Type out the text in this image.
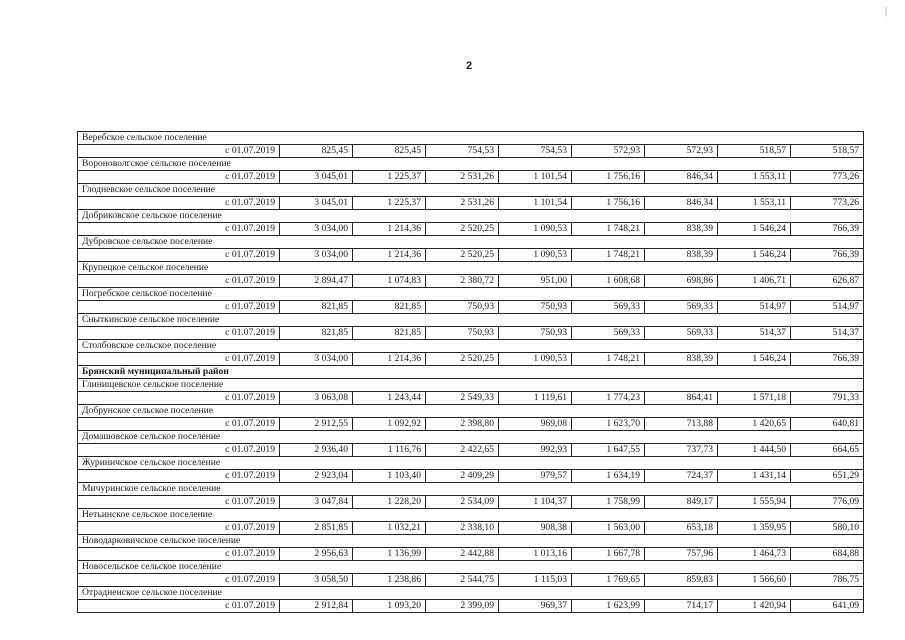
|
2
Веребское сельское поселение								
с 01.07.2019	825,45	825,45	754,53	754,53	572,93	572,93	518,57	518,57
Вороноволгское сельское поселение								
с 01.07.2019	3 045,01	1 225,37	2 531,26	1 101,54	1 756,16	846,34	1 553,11	773,26
Глодневское сельское поселение								
с 01.07.2019	3 045,01	1 225,37	2 531,26	1 101,54	1 756,16	846,34	1 553,11	773,26
Добриковское сельское поселение								
с 01.07.2019	3 034,00	1 214,36	2 520,25	1 090,53	1 748,21	838,39	1 546,24	766,39
Дубровское сельское поселение								
с 01.07.2019	3 034,00	1 214,36	2 520,25	1 090,53	1 748,21	838,39	1 546,24	766,39
Крупецкое сельское поселение								
с 01.07.2019	2 894,47	1 074,83	2 380,72	951,00	1 608,68	698,86	1 406,71	626,87
Погребское сельское поселение								
с 01.07.2019	821,85	821,85	750,93	750,93	569,33	569,33	514,97	514,97
Сныткинское сельское поселение								
с 01.07.2019	821,85	821,85	750,93	750,93	569,33	569,33	514,37	514,37
Столбовское сельское поселение								
с 01.07.2019	3 034,00	1 214,36	2 520,25	1 090,53	1 748,21	838,39	1 546,24	766,39
Брянский муниципальный район								
Глинищевское сельское поселение								
с 01.07.2019	3 063,08	1 243,44	2 549,33	1 119,61	1 774,23	864,41	1 571,18	791,33
Добрунское сельское поселение								
с 01.07.2019	2 912,55	1 092,92	2 398,80	969,08	1 623,70	713,88	1 420,65	640,81
Домашовское сельское поселение								
с 01.07.2019	2 936,40	1 116,76	2 422,65	992,93	1 647,55	737,73	1 444,50	664,65
Журиничское сельское поселение								
с 01.07.2019	2 923,04	1 103,40	2 409,29	979,57	1 634,19	724,37	1 431,14	651,29
Мичуринское сельское поселение								
с 01.07.2019	3 047,84	1 228,20	2 534,09	1 104,37	1 758,99	849,17	1 555,94	776,09
Нетьинское сельское поселение								
с 01.07.2019	2 851,85	1 032,21	2 338,10	908,38	1 563,00	653,18	1 359,95	580,10
Новодарковичское сельское поселение								
с 01.07.2019	2 956,63	1 136,99	2 442,88	1 013,16	1 667,78	757,96	1 464,73	684,88
Новосельское сельское поселение								
с 01.07.2019	3 058,50	1 238,86	2 544,75	1 115,03	1 769,65	859,83	1 566,60	786,75
Отрадненское сельское поселение								
с 01.07.2019	2 912,84	1 093,20	2 399,09	969,37	1 623,99	714,17	1 420,94	641,09
